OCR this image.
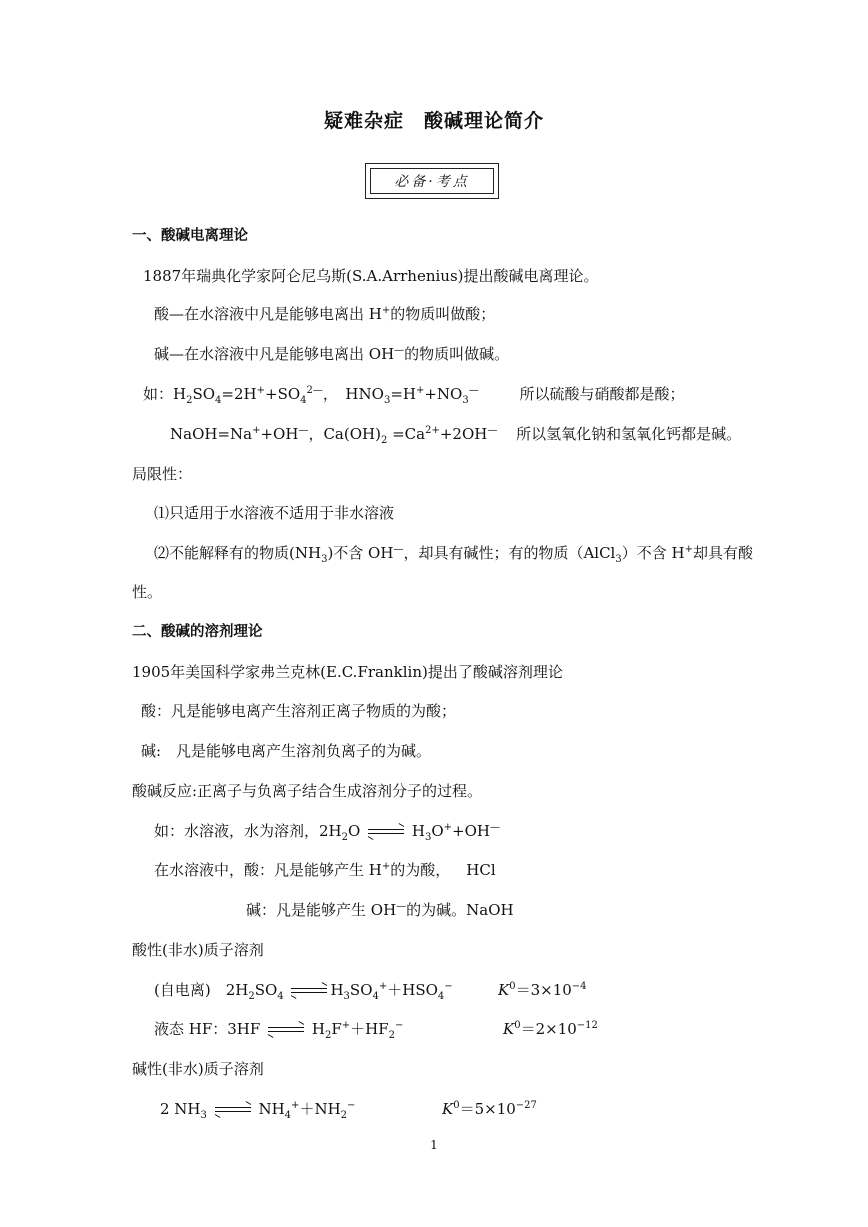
疑难杂症 酸碱理论简介
必备·考点
一、酸碱电离理论
1887年瑞典化学家阿仑尼乌斯(S.A.Arrhenius)提出酸碱电离理论。
酸—在水溶液中凡是能够电离出 H+的物质叫做酸；
碱—在水溶液中凡是能够电离出 OH—的物质叫做碱。
如：$H_2SO_4=2H^++SO_4^{2—}$，　$HNO_3=H^++NO_3^—$	所以硫酸与硝酸都是酸；
NaOH=Na++OH—，$Ca(OH)_2 =Ca^{2+}+2OH^—$ 所以氢氧化钠和氢氧化钙都是碱。
局限性：
⑴只适用于水溶液不适用于非水溶液
⑵不能解释有的物质$(NH_3)$不含 OH—，却具有碱性；有的物质（AlCl$_3$）不含 H+却具有酸
性。
二、酸碱的溶剂理论
1905年美国科学家弗兰克林(E.C.Franklin)提出了酸碱溶剂理论
酸：凡是能够电离产生溶剂正离子物质的为酸；
碱:　凡是能够电离产生溶剂负离子的为碱。
酸碱反应:正离子与负离子结合生成溶剂分子的过程。
如：水溶液，水为溶剂，$2H_2O$	$H_3O^++OH^—$
在水溶液中，酸：凡是能够产生 H+的为酸， HCl
碱：凡是能够产生 OH—的为碱。NaOH
酸性(非水)质子溶剂
(自电离)　$2H_2SO_4$	$H_3SO_4^++HSO_4^-$	$K^0=3\times 10^{-4}$
液态 HF：3HF	$H_2F^++HF_2^-$	$K^0=2\times 10^{-12}$
碱性(非水)质子溶剂
2 $NH_3$	$NH_4^++NH_2^-$	$K^0=5\times 10^{-27}$
1
